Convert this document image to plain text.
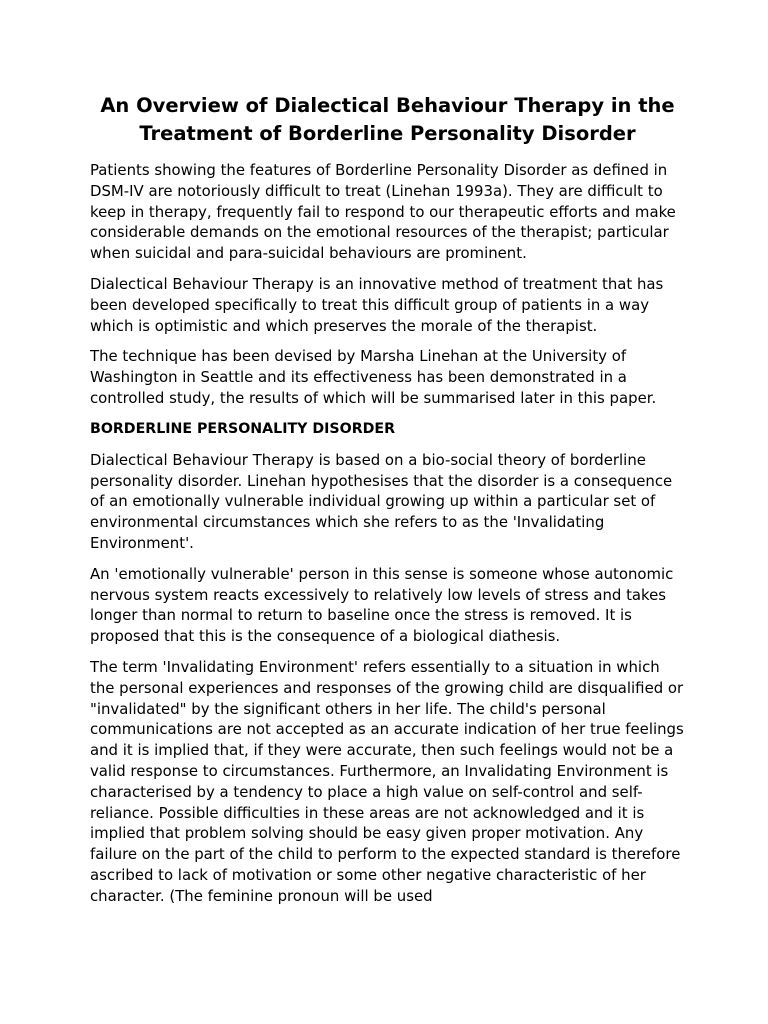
An Overview of Dialectical Behaviour Therapy in the Treatment of Borderline Personality Disorder

Patients showing the features of Borderline Personality Disorder as defined in DSM-IV are notoriously difficult to treat (Linehan 1993a). They are difficult to keep in therapy, frequently fail to respond to our therapeutic efforts and make considerable demands on the emotional resources of the therapist; particular when suicidal and para-suicidal behaviours are prominent.

Dialectical Behaviour Therapy is an innovative method of treatment that has been developed specifically to treat this difficult group of patients in a way which is optimistic and which preserves the morale of the therapist.

The technique has been devised by Marsha Linehan at the University of Washington in Seattle and its effectiveness has been demonstrated in a controlled study, the results of which will be summarised later in this paper.

BORDERLINE PERSONALITY DISORDER

Dialectical Behaviour Therapy is based on a bio-social theory of borderline personality disorder. Linehan hypothesises that the disorder is a consequence of an emotionally vulnerable individual growing up within a particular set of environmental circumstances which she refers to as the 'Invalidating Environment'.

An 'emotionally vulnerable' person in this sense is someone whose autonomic nervous system reacts excessively to relatively low levels of stress and takes longer than normal to return to baseline once the stress is removed. It is proposed that this is the consequence of a biological diathesis.

The term 'Invalidating Environment' refers essentially to a situation in which the personal experiences and responses of the growing child are disqualified or "invalidated" by the significant others in her life. The child's personal communications are not accepted as an accurate indication of her true feelings and it is implied that, if they were accurate, then such feelings would not be a valid response to circumstances. Furthermore, an Invalidating Environment is characterised by a tendency to place a high value on self-control and self-reliance. Possible difficulties in these areas are not acknowledged and it is implied that problem solving should be easy given proper motivation. Any failure on the part of the child to perform to the expected standard is therefore ascribed to lack of motivation or some other negative characteristic of her character. (The feminine pronoun will be used
